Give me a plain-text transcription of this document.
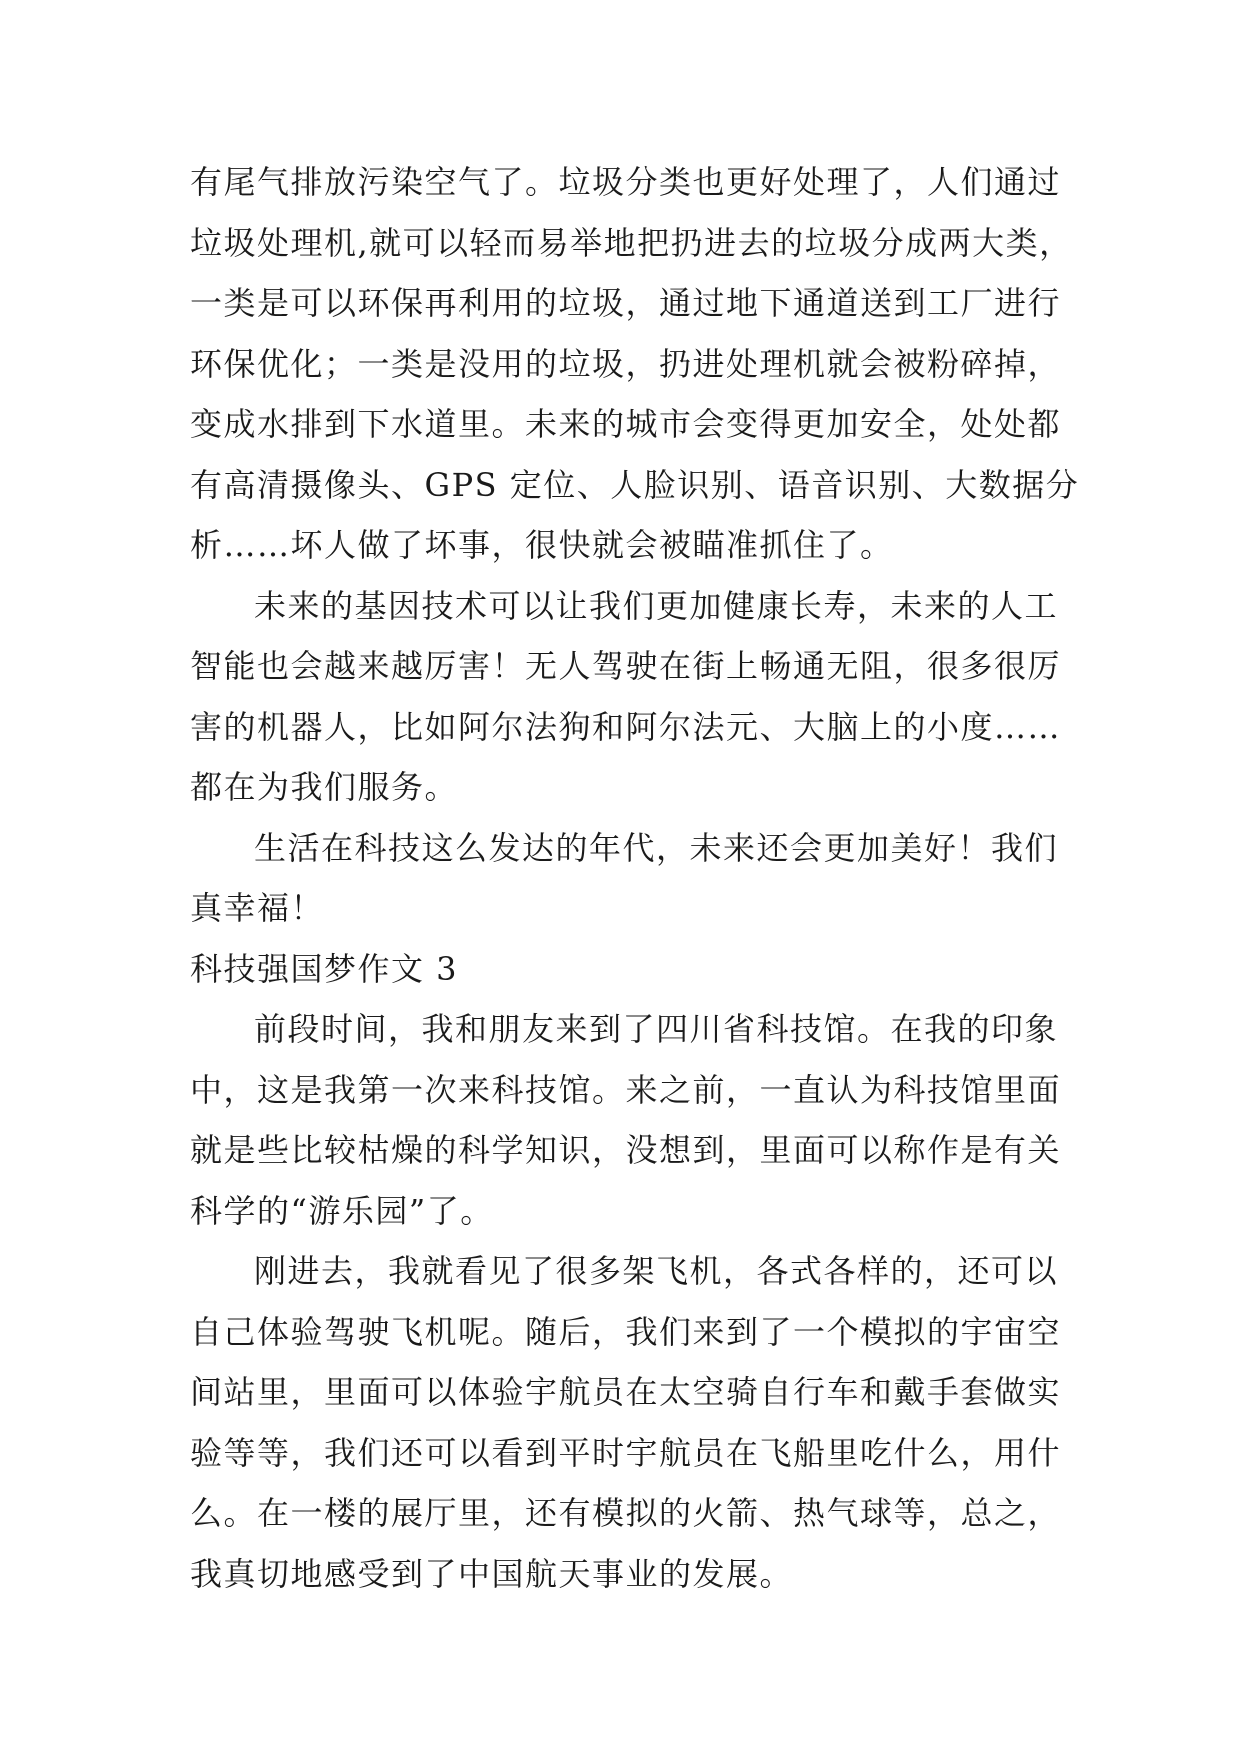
有尾气排放污染空气了。垃圾分类也更好处理了，人们通过
垃圾处理机,就可以轻而易举地把扔进去的垃圾分成两大类，
一类是可以环保再利用的垃圾，通过地下通道送到工厂进行
环保优化；一类是没用的垃圾，扔进处理机就会被粉碎掉，
变成水排到下水道里。未来的城市会变得更加安全，处处都
有高清摄像头、GPS 定位、人脸识别、语音识别、大数据分
析……坏人做了坏事，很快就会被瞄准抓住了。
未来的基因技术可以让我们更加健康长寿，未来的人工
智能也会越来越厉害！无人驾驶在街上畅通无阻，很多很厉
害的机器人，比如阿尔法狗和阿尔法元、大脑上的小度……
都在为我们服务。
生活在科技这么发达的年代，未来还会更加美好！我们
真幸福！
科技强国梦作文 3
前段时间，我和朋友来到了四川省科技馆。在我的印象
中，这是我第一次来科技馆。来之前，一直认为科技馆里面
就是些比较枯燥的科学知识，没想到，里面可以称作是有关
科学的“游乐园”了。
刚进去，我就看见了很多架飞机，各式各样的，还可以
自己体验驾驶飞机呢。随后，我们来到了一个模拟的宇宙空
间站里，里面可以体验宇航员在太空骑自行车和戴手套做实
验等等，我们还可以看到平时宇航员在飞船里吃什么，用什
么。在一楼的展厅里，还有模拟的火箭、热气球等，总之，
我真切地感受到了中国航天事业的发展。
